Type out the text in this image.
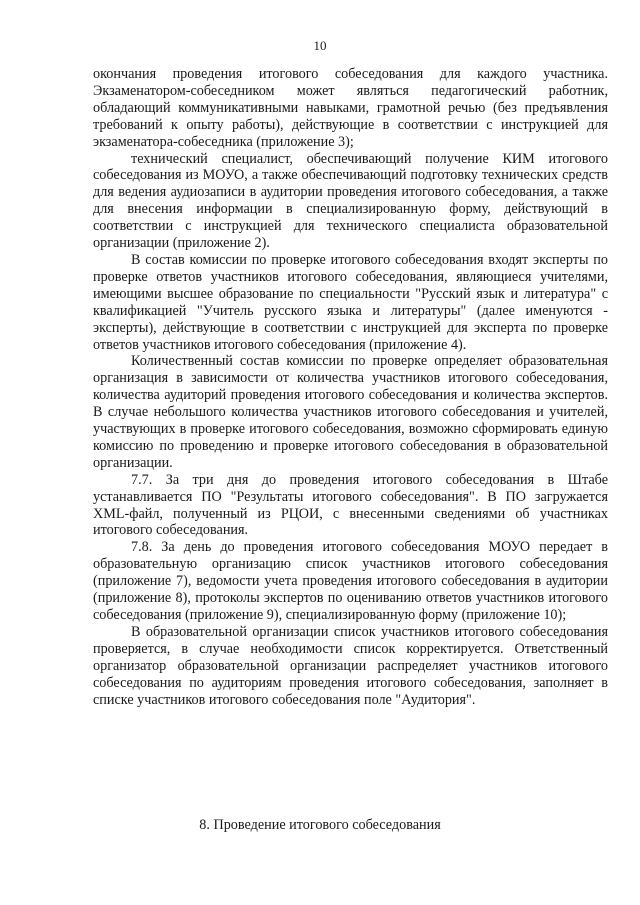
10

окончания проведения итогового собеседования для каждого участника. Экзаменатором-собеседником может являться педагогический работник, обладающий коммуникативными навыками, грамотной речью (без предъявления требований к опыту работы), действующие в соответствии с инструкцией для экзаменатора-собеседника (приложение 3);

технический специалист, обеспечивающий получение КИМ итогового собеседования из МОУО, а также обеспечивающий подготовку технических средств для ведения аудиозаписи в аудитории проведения итогового собеседования, а также для внесения информации в специализированную форму, действующий в соответствии с инструкцией для технического специалиста образовательной организации (приложение 2).

В состав комиссии по проверке итогового собеседования входят эксперты по проверке ответов участников итогового собеседования, являющиеся учителями, имеющими высшее образование по специальности "Русский язык и литература" с квалификацией "Учитель русского языка и литературы" (далее именуются - эксперты), действующие в соответствии с инструкцией для эксперта по проверке ответов участников итогового собеседования (приложение 4).

Количественный состав комиссии по проверке определяет образовательная организация в зависимости от количества участников итогового собеседования, количества аудиторий проведения итогового собеседования и количества экспертов. В случае небольшого количества участников итогового собеседования и учителей, участвующих в проверке итогового собеседования, возможно сформировать единую комиссию по проведению и проверке итогового собеседования в образовательной организации.

7.7. За три дня до проведения итогового собеседования в Штабе устанавливается ПО "Результаты итогового собеседования". В ПО загружается XML-файл, полученный из РЦОИ, с внесенными сведениями об участниках итогового собеседования.

7.8. За день до проведения итогового собеседования МОУО передает в образовательную организацию список участников итогового собеседования (приложение 7), ведомости учета проведения итогового собеседования в аудитории (приложение 8), протоколы экспертов по оцениванию ответов участников итогового собеседования (приложение 9), специализированную форму (приложение 10);

В образовательной организации список участников итогового собеседования проверяется, в случае необходимости список корректируется. Ответственный организатор образовательной организации распределяет участников итогового собеседования по аудиториям проведения итогового собеседования, заполняет в списке участников итогового собеседования поле "Аудитория".

8. Проведение итогового собеседования
